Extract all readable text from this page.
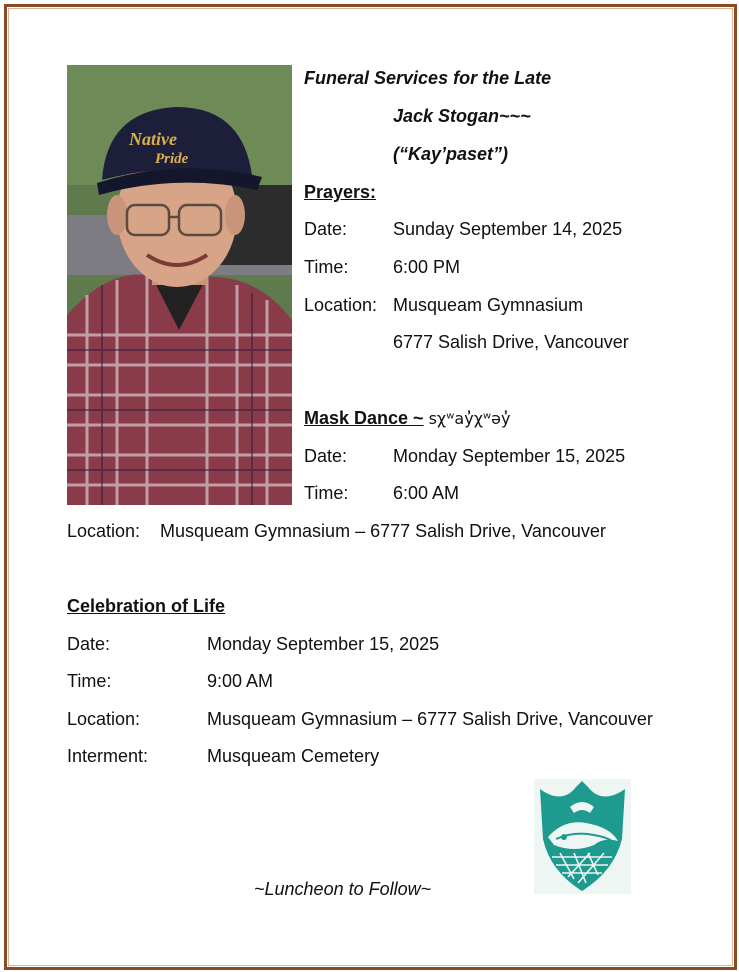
Native
Pride
Funeral Services for the Late
Jack Stogan~~~
(“Kay’paset”)
Prayers:
Date:	Sunday September 14, 2025
Time: 6:00 PM
Location: Musqueam Gymnasium
6777 Salish Drive, Vancouver
Mask Dance ~ sχʷay̓χʷəy̓
Date:	Monday September 15, 2025
Time: 6:00 AM
Location: Musqueam Gymnasium – 6777 Salish Drive, Vancouver
Celebration of Life
Date:	Monday September 15, 2025
Time:	9:00 AM
Location:	Musqueam Gymnasium – 6777 Salish Drive, Vancouver
Interment:	Musqueam Cemetery
~Luncheon to Follow~
